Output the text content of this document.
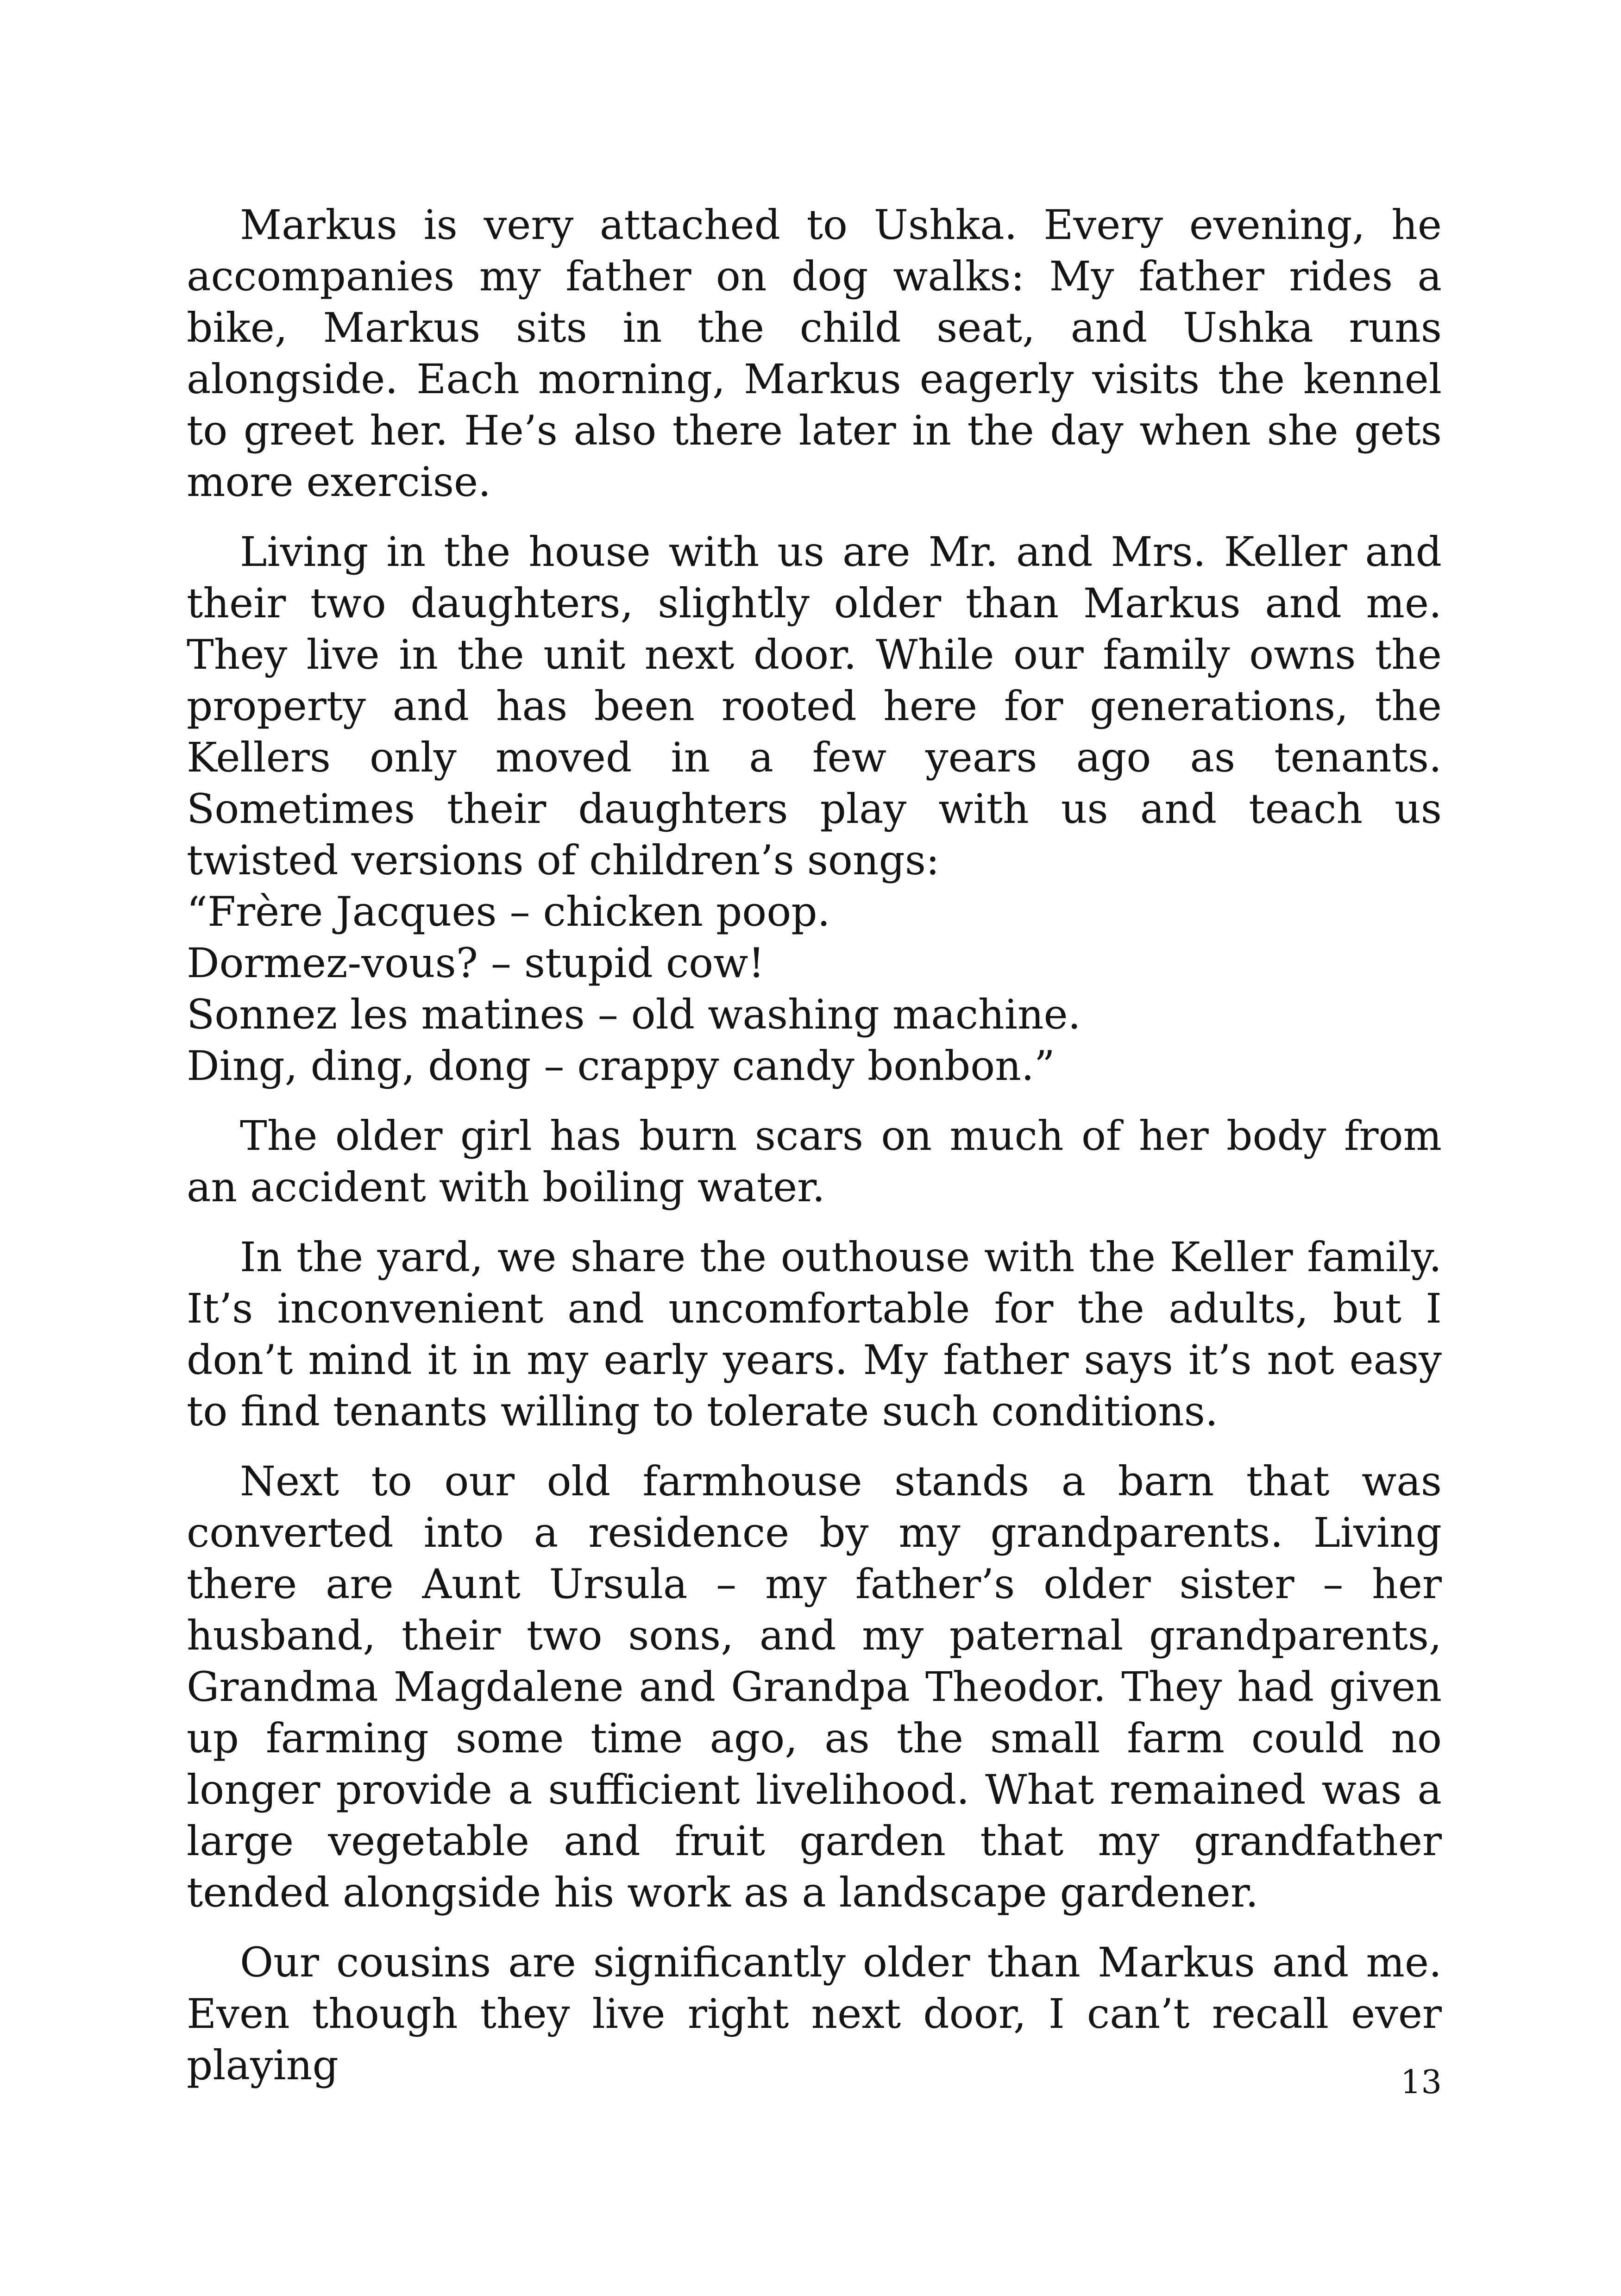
Markus is very attached to Ushka. Every evening, he accompanies my father on dog walks: My father rides a bike, Markus sits in the child seat, and Ushka runs alongside. Each morning, Markus eagerly visits the kennel to greet her. He’s also there later in the day when she gets more exercise.

Living in the house with us are Mr. and Mrs. Keller and their two daughters, slightly older than Markus and me. They live in the unit next door. While our family owns the property and has been rooted here for generations, the Kellers only moved in a few years ago as tenants. Sometimes their daughters play with us and teach us twisted versions of children’s songs:

“Frère Jacques – chicken poop.
Dormez-vous? – stupid cow!
Sonnez les matines – old washing machine.
Ding, ding, dong – crappy candy bonbon.”

The older girl has burn scars on much of her body from an accident with boiling water.

In the yard, we share the outhouse with the Keller family. It’s inconvenient and uncomfortable for the adults, but I don’t mind it in my early years. My father says it’s not easy to find tenants willing to tolerate such conditions.

Next to our old farmhouse stands a barn that was converted into a residence by my grandparents. Living there are Aunt Ursula – my father’s older sister – her husband, their two sons, and my paternal grandparents, Grandma Magdalene and Grandpa Theodor. They had given up farming some time ago, as the small farm could no longer provide a sufficient livelihood. What remained was a large vegetable and fruit garden that my grandfather tended alongside his work as a landscape gardener.

Our cousins are significantly older than Markus and me. Even though they live right next door, I can’t recall ever playing	13
